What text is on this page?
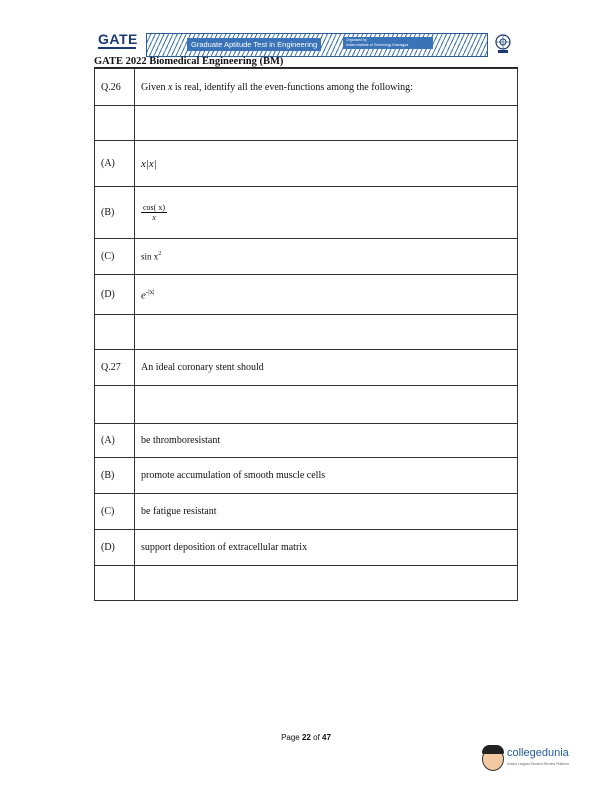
GATE	Graduate Aptitude Test in Engineering	Organised by
Indian Institute of Technology Kharagpur
GATE 2022 Biomedical Engineering (BM)
Q.26	Given x is real, identify all the even-functions among the following:

(A)	x|x|
(B)	$\frac{\cos( x)}{x}$

(C)	$\sin x^2$
(D)	$e^{-|x|}$

Q.27	An ideal coronary stent should

(A)	be thromboresistant
(B)	promote accumulation of smooth muscle cells
(C)	be fatigue resistant
(D)	support deposition of extracellular matrix

Page 22 of 47
collegedunia
India's Largest Student Review Platform
